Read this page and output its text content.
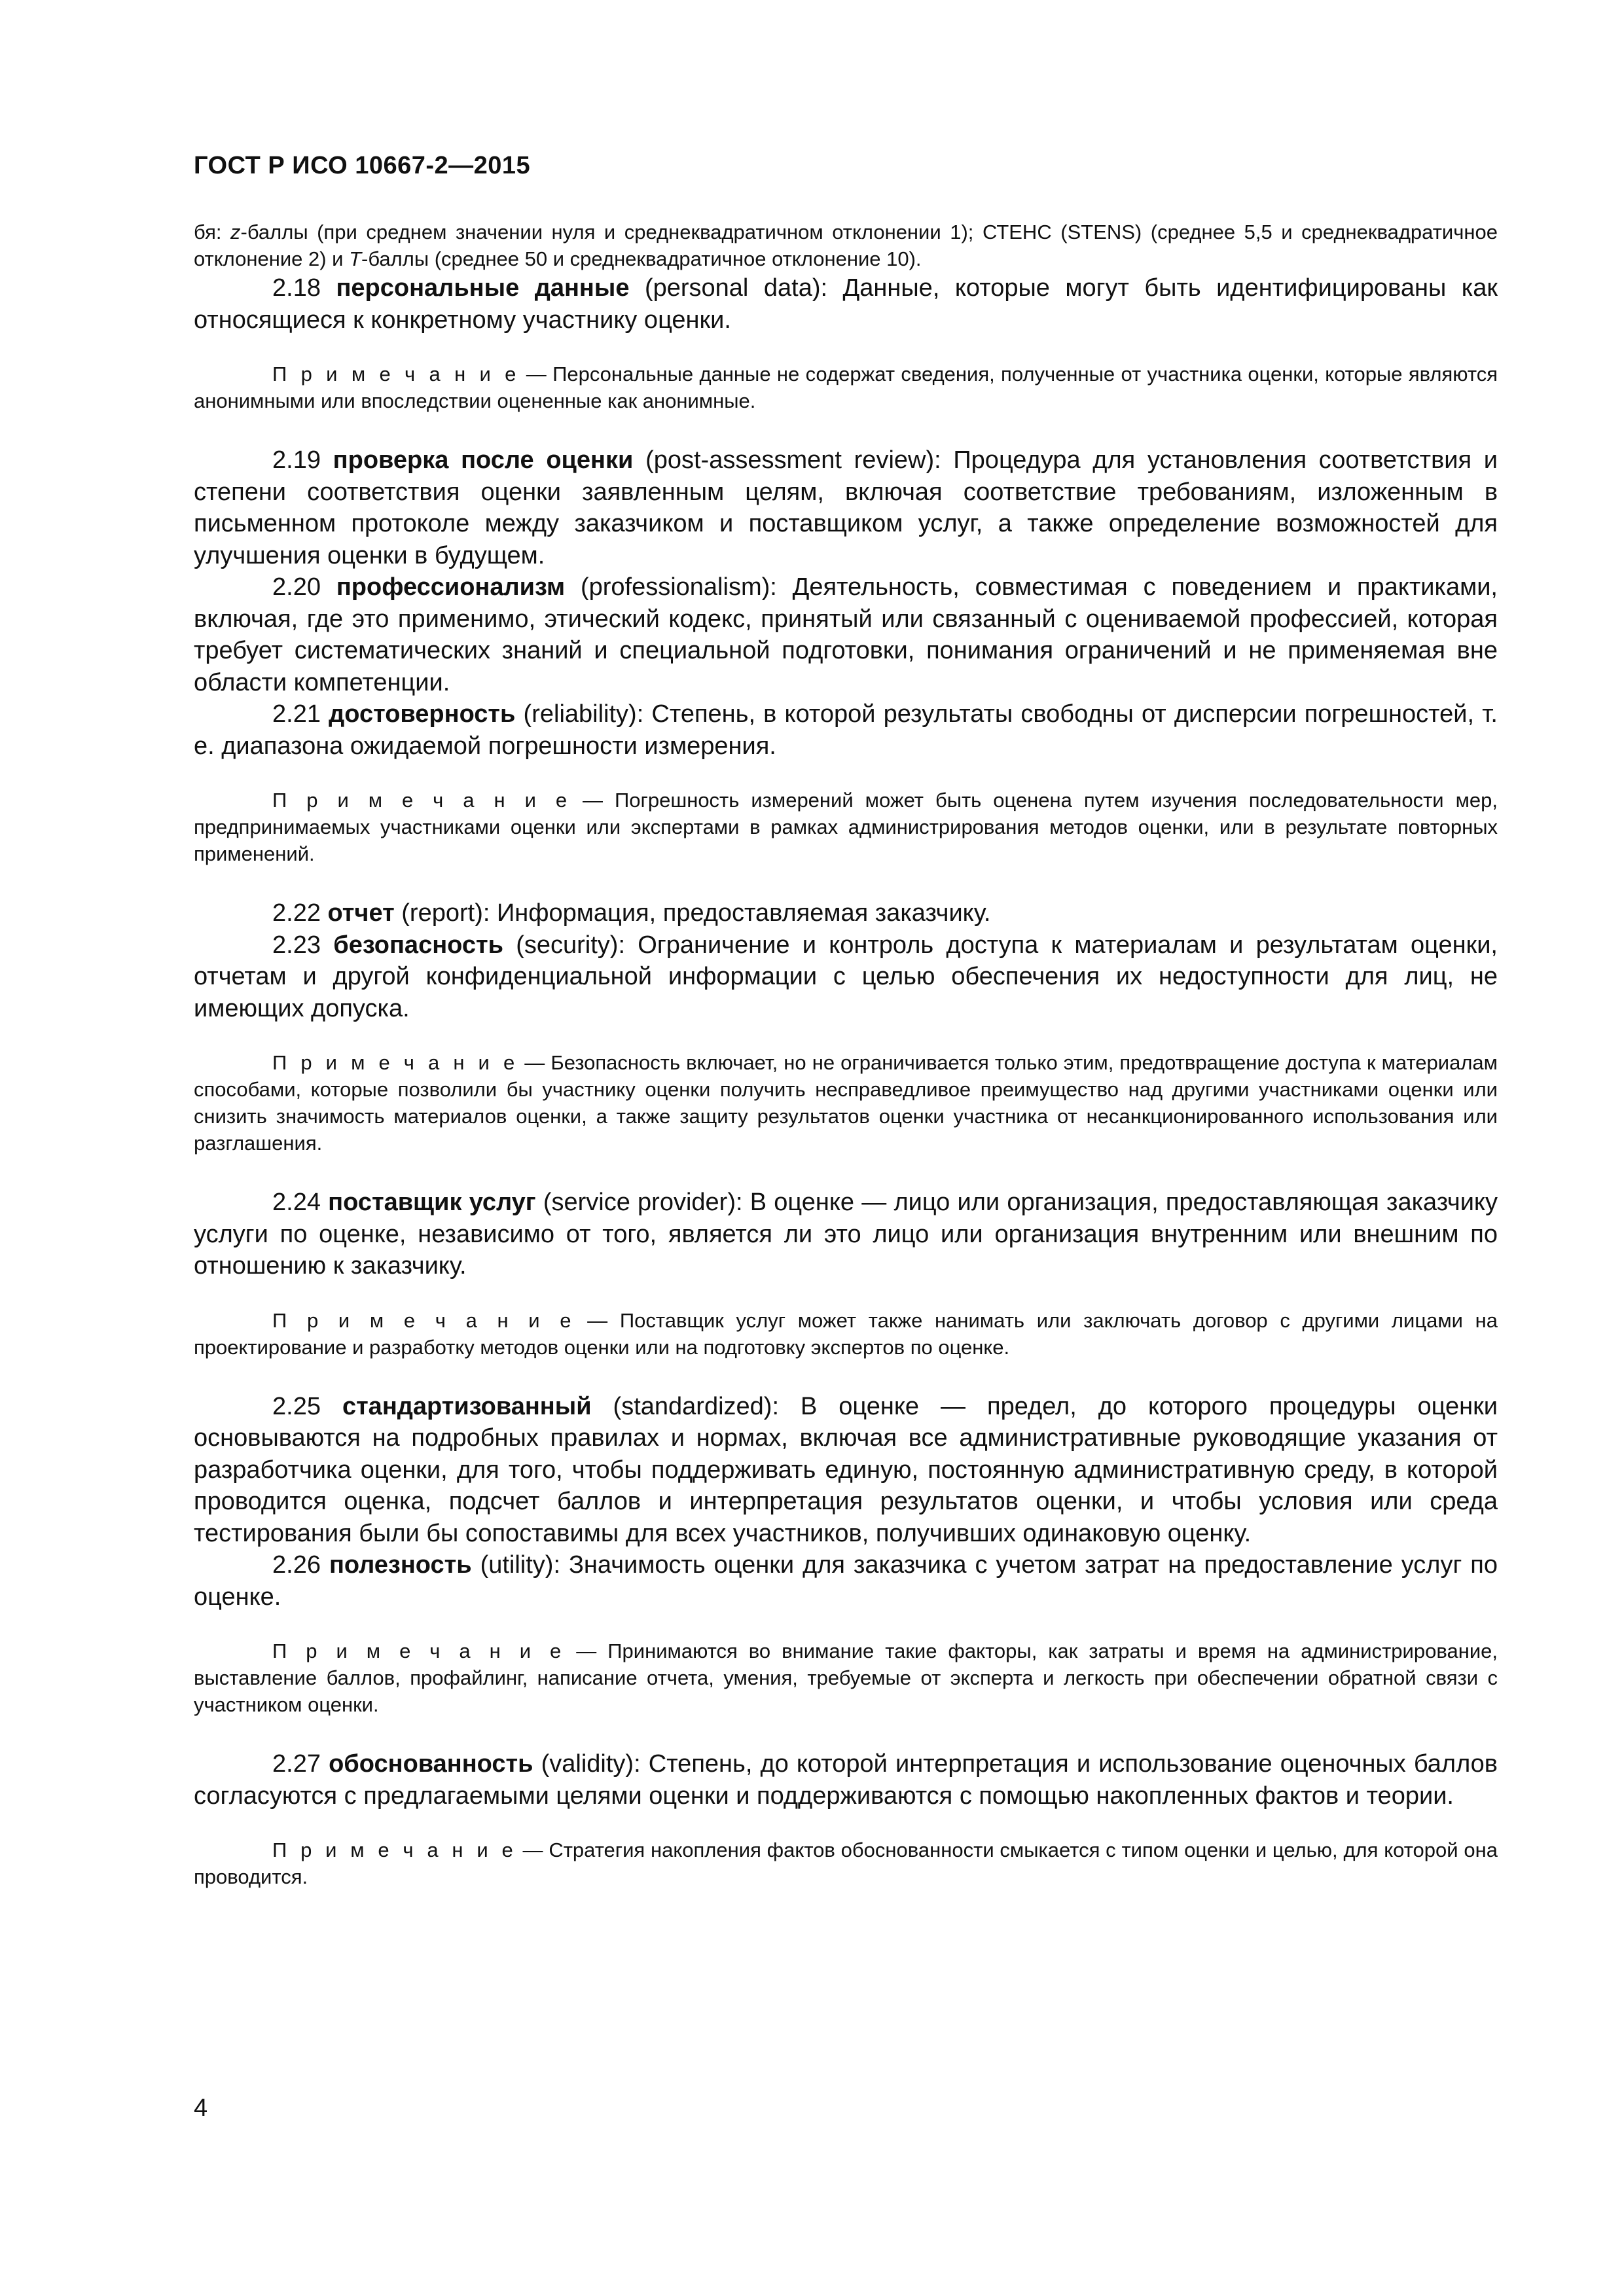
ГОСТ Р ИСО 10667-2—2015

бя: z-баллы (при среднем значении нуля и среднеквадратичном отклонении 1); СТЕНС (STENS) (среднее 5,5 и среднеквадратичное отклонение 2) и T-баллы (среднее 50 и среднеквадратичное отклонение 10).

2.18 персональные данные (personal data): Данные, которые могут быть идентифицированы как относящиеся к конкретному участнику оценки.

П р и м е ч а н и е — Персональные данные не содержат сведения, полученные от участника оценки, которые являются анонимными или впоследствии оцененные как анонимные.

2.19 проверка после оценки (post-assessment review): Процедура для установления соответствия и степени соответствия оценки заявленным целям, включая соответствие требованиям, изложенным в письменном протоколе между заказчиком и поставщиком услуг, а также определение возможностей для улучшения оценки в будущем.

2.20 профессионализм (professionalism): Деятельность, совместимая с поведением и практиками, включая, где это применимо, этический кодекс, принятый или связанный с оцениваемой профессией, которая требует систематических знаний и специальной подготовки, понимания ограничений и не применяемая вне области компетенции.

2.21 достоверность (reliability): Степень, в которой результаты свободны от дисперсии погрешностей, т. е. диапазона ожидаемой погрешности измерения.

П р и м е ч а н и е — Погрешность измерений может быть оценена путем изучения последовательности мер, предпринимаемых участниками оценки или экспертами в рамках администрирования методов оценки, или в результате повторных применений.

2.22 отчет (report): Информация, предоставляемая заказчику.

2.23 безопасность (security): Ограничение и контроль доступа к материалам и результатам оценки, отчетам и другой конфиденциальной информации с целью обеспечения их недоступности для лиц, не имеющих допуска.

П р и м е ч а н и е — Безопасность включает, но не ограничивается только этим, предотвращение доступа к материалам способами, которые позволили бы участнику оценки получить несправедливое преимущество над другими участниками оценки или снизить значимость материалов оценки, а также защиту результатов оценки участника от несанкционированного использования или разглашения.

2.24 поставщик услуг (service provider): В оценке — лицо или организация, предоставляющая заказчику услуги по оценке, независимо от того, является ли это лицо или организация внутренним или внешним по отношению к заказчику.

П р и м е ч а н и е — Поставщик услуг может также нанимать или заключать договор с другими лицами на проектирование и разработку методов оценки или на подготовку экспертов по оценке.

2.25 стандартизованный (standardized): В оценке — предел, до которого процедуры оценки основываются на подробных правилах и нормах, включая все административные руководящие указания от разработчика оценки, для того, чтобы поддерживать единую, постоянную административную среду, в которой проводится оценка, подсчет баллов и интерпретация результатов оценки, и чтобы условия или среда тестирования были бы сопоставимы для всех участников, получивших одинаковую оценку.

2.26 полезность (utility): Значимость оценки для заказчика с учетом затрат на предоставление услуг по оценке.

П р и м е ч а н и е — Принимаются во внимание такие факторы, как затраты и время на администрирование, выставление баллов, профайлинг, написание отчета, умения, требуемые от эксперта и легкость при обеспечении обратной связи с участником оценки.

2.27 обоснованность (validity): Степень, до которой интерпретация и использование оценочных баллов согласуются с предлагаемыми целями оценки и поддерживаются с помощью накопленных фактов и теории.

П р и м е ч а н и е — Стратегия накопления фактов обоснованности смыкается с типом оценки и целью, для которой она проводится.

4
